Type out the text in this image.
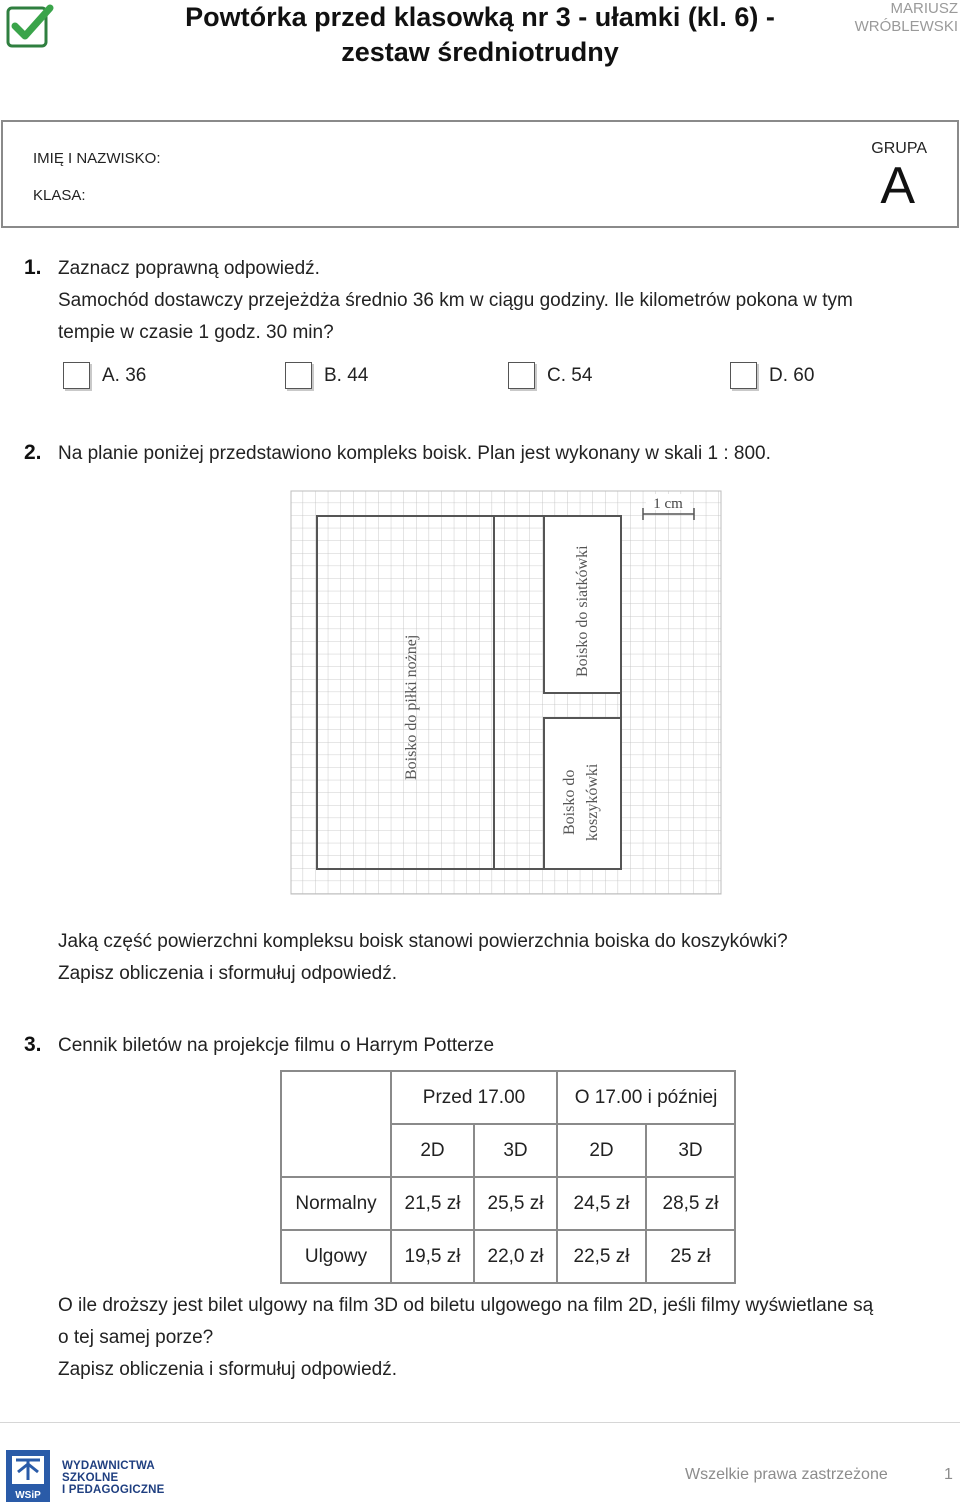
Powtórka przed klasowką nr 3 - ułamki (kl. 6) -
zestaw średniotrudny
MARIUSZ
WRÓBLEWSKI
IMIĘ I NAZWISKO:
KLASA:
GRUPA
A
1. Zaznacz poprawną odpowiedź.
Samochód dostawczy przejeżdża średnio 36 km w ciągu godziny. Ile kilometrów pokona w tym
tempie w czasie 1 godz. 30 min?
A. 36	B. 44	C. 54	D. 60
2. Na planie poniżej przedstawiono kompleks boisk. Plan jest wykonany w skali 1 : 800.
1 cm
Boisko do piłki nożnej
Boisko do siatkówki
Boisko do koszykówki
Jaką część powierzchni kompleksu boisk stanowi powierzchnia boiska do koszykówki?
Zapisz obliczenia i sformułuj odpowiedź.
3. Cennik biletów na projekcje filmu o Harrym Potterze
	Przed 17.00		O 17.00 i później	
	2D	3D	2D	3D
Normalny	21,5 zł	25,5 zł	24,5 zł	28,5 zł
Ulgowy	19,5 zł	22,0 zł	22,5 zł	25 zł
O ile droższy jest bilet ulgowy na film 3D od biletu ulgowego na film 2D, jeśli filmy wyświetlane są
o tej samej porze?
Zapisz obliczenia i sformułuj odpowiedź.
WSiP
WYDAWNICTWA
SZKOLNE
I PEDAGOGICZNE
Wszelkie prawa zastrzeżone	1
